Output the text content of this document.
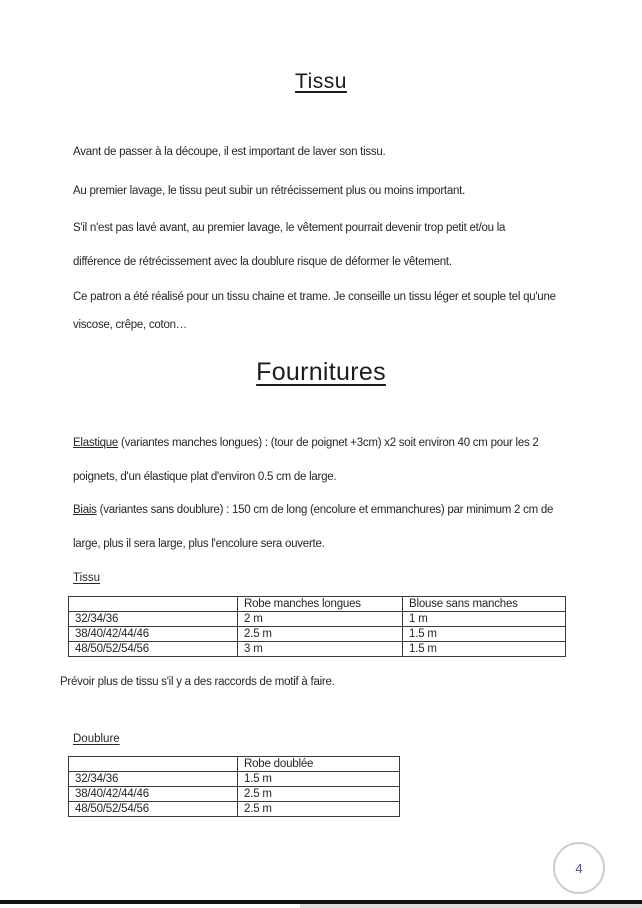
Tissu
Avant de passer à la découpe, il est important de laver son tissu.
Au premier lavage, le tissu peut subir un rétrécissement plus ou moins important.
S'il n'est pas lavé avant, au premier lavage, le vêtement pourrait devenir trop petit et/ou la
différence de rétrécissement avec la doublure risque de déformer le vêtement.
Ce patron a été réalisé pour un tissu chaine et trame. Je conseille un tissu léger et souple tel qu'une
viscose, crêpe, coton…
Fournitures
Elastique (variantes manches longues) : (tour de poignet +3cm) x2 soit environ 40 cm pour les 2
poignets, d'un élastique plat d'environ 0.5 cm de large.
Biais (variantes sans doublure) : 150 cm de long (encolure et emmanchures) par minimum 2 cm de
large, plus il sera large, plus l'encolure sera ouverte.
Tissu
	Robe manches longues	Blouse sans manches
32/34/36	2 m	1 m
38/40/42/44/46	2.5 m	1.5 m
48/50/52/54/56	3 m	1.5 m
Prévoir plus de tissu s'il y a des raccords de motif à faire.
Doublure
	Robe doublée
32/34/36	1.5 m
38/40/42/44/46	2.5 m
48/50/52/54/56	2.5 m
4
